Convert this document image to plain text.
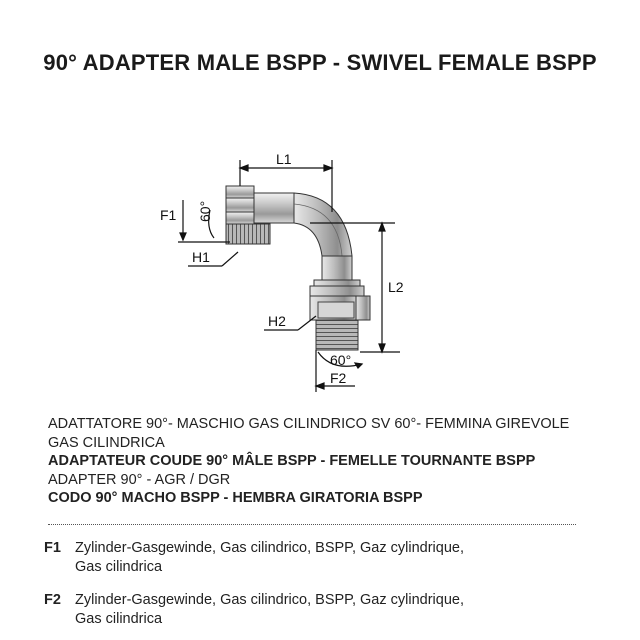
90° ADAPTER MALE BSPP - SWIVEL FEMALE BSPP
L1
L2
F1
H1
H2
F2
60°
60°
ADATTATORE 90°- MASCHIO GAS CILINDRICO SV 60°- FEMMINA GIREVOLE
GAS CILINDRICA
ADAPTATEUR COUDE 90° MÂLE BSPP - FEMELLE TOURNANTE BSPP
ADAPTER 90° - AGR / DGR
CODO 90° MACHO BSPP - HEMBRA GIRATORIA BSPP
F1 Zylinder-Gasgewinde, Gas cilindrico, BSPP, Gaz cylindrique,
Gas cilindrica
F2 Zylinder-Gasgewinde, Gas cilindrico, BSPP, Gaz cylindrique,
Gas cilindrica
